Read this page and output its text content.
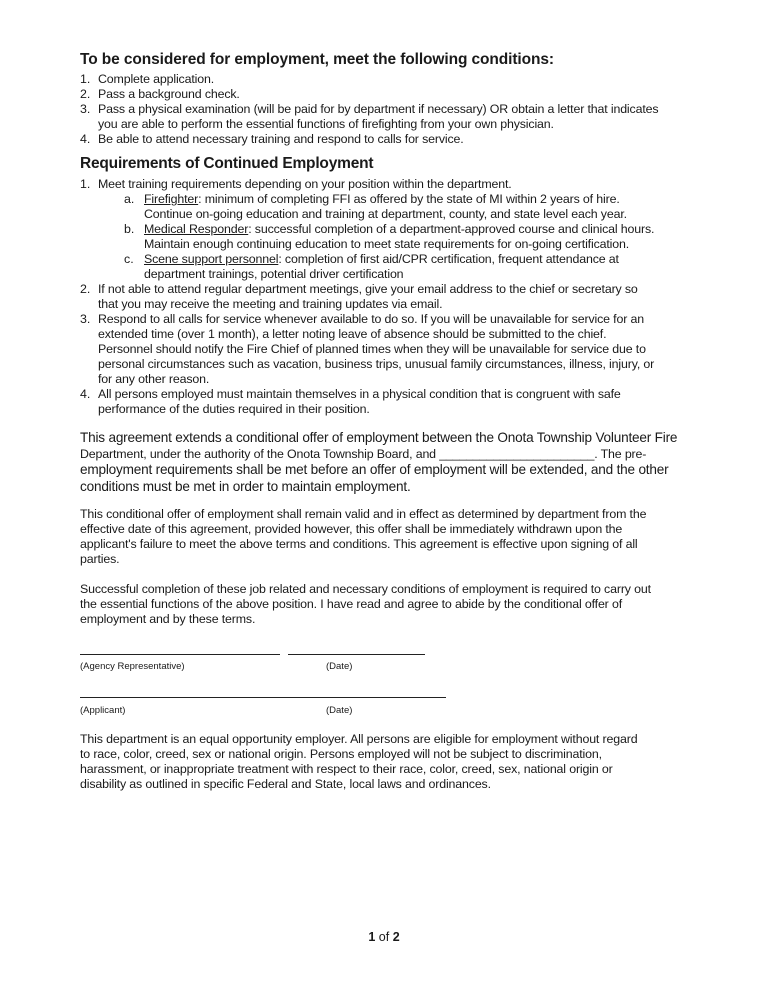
To be considered for employment, meet the following conditions:
1. Complete application.
2. Pass a background check.
3. Pass a physical examination (will be paid for by department if necessary) OR obtain a letter that indicates
you are able to perform the essential functions of firefighting from your own physician.
4. Be able to attend necessary training and respond to calls for service.
Requirements of Continued Employment
1. Meet training requirements depending on your position within the department.
a. Firefighter: minimum of completing FFI as offered by the state of MI within 2 years of hire.
Continue on-going education and training at department, county, and state level each year.
b. Medical Responder: successful completion of a department-approved course and clinical hours.
Maintain enough continuing education to meet state requirements for on-going certification.
c. Scene support personnel: completion of first aid/CPR certification, frequent attendance at
department trainings, potential driver certification
2. If not able to attend regular department meetings, give your email address to the chief or secretary so
that you may receive the meeting and training updates via email.
3. Respond to all calls for service whenever available to do so. If you will be unavailable for service for an
extended time (over 1 month), a letter noting leave of absence should be submitted to the chief.
Personnel should notify the Fire Chief of planned times when they will be unavailable for service due to
personal circumstances such as vacation, business trips, unusual family circumstances, illness, injury, or
for any other reason.
4. All persons employed must maintain themselves in a physical condition that is congruent with safe
performance of the duties required in their position.
This agreement extends a conditional offer of employment between the Onota Township Volunteer Fire
Department, under the authority of the Onota Township Board, and _______________________. The pre-
employment requirements shall be met before an offer of employment will be extended, and the other
conditions must be met in order to maintain employment.
This conditional offer of employment shall remain valid and in effect as determined by department from the
effective date of this agreement, provided however, this offer shall be immediately withdrawn upon the
applicant's failure to meet the above terms and conditions. This agreement is effective upon signing of all
parties.
Successful completion of these job related and necessary conditions of employment is required to carry out
the essential functions of the above position. I have read and agree to abide by the conditional offer of
employment and by these terms.
(Agency Representative)	(Date)
(Applicant)	(Date)
This department is an equal opportunity employer. All persons are eligible for employment without regard
to race, color, creed, sex or national origin. Persons employed will not be subject to discrimination,
harassment, or inappropriate treatment with respect to their race, color, creed, sex, national origin or
disability as outlined in specific Federal and State, local laws and ordinances.
1 of 2
